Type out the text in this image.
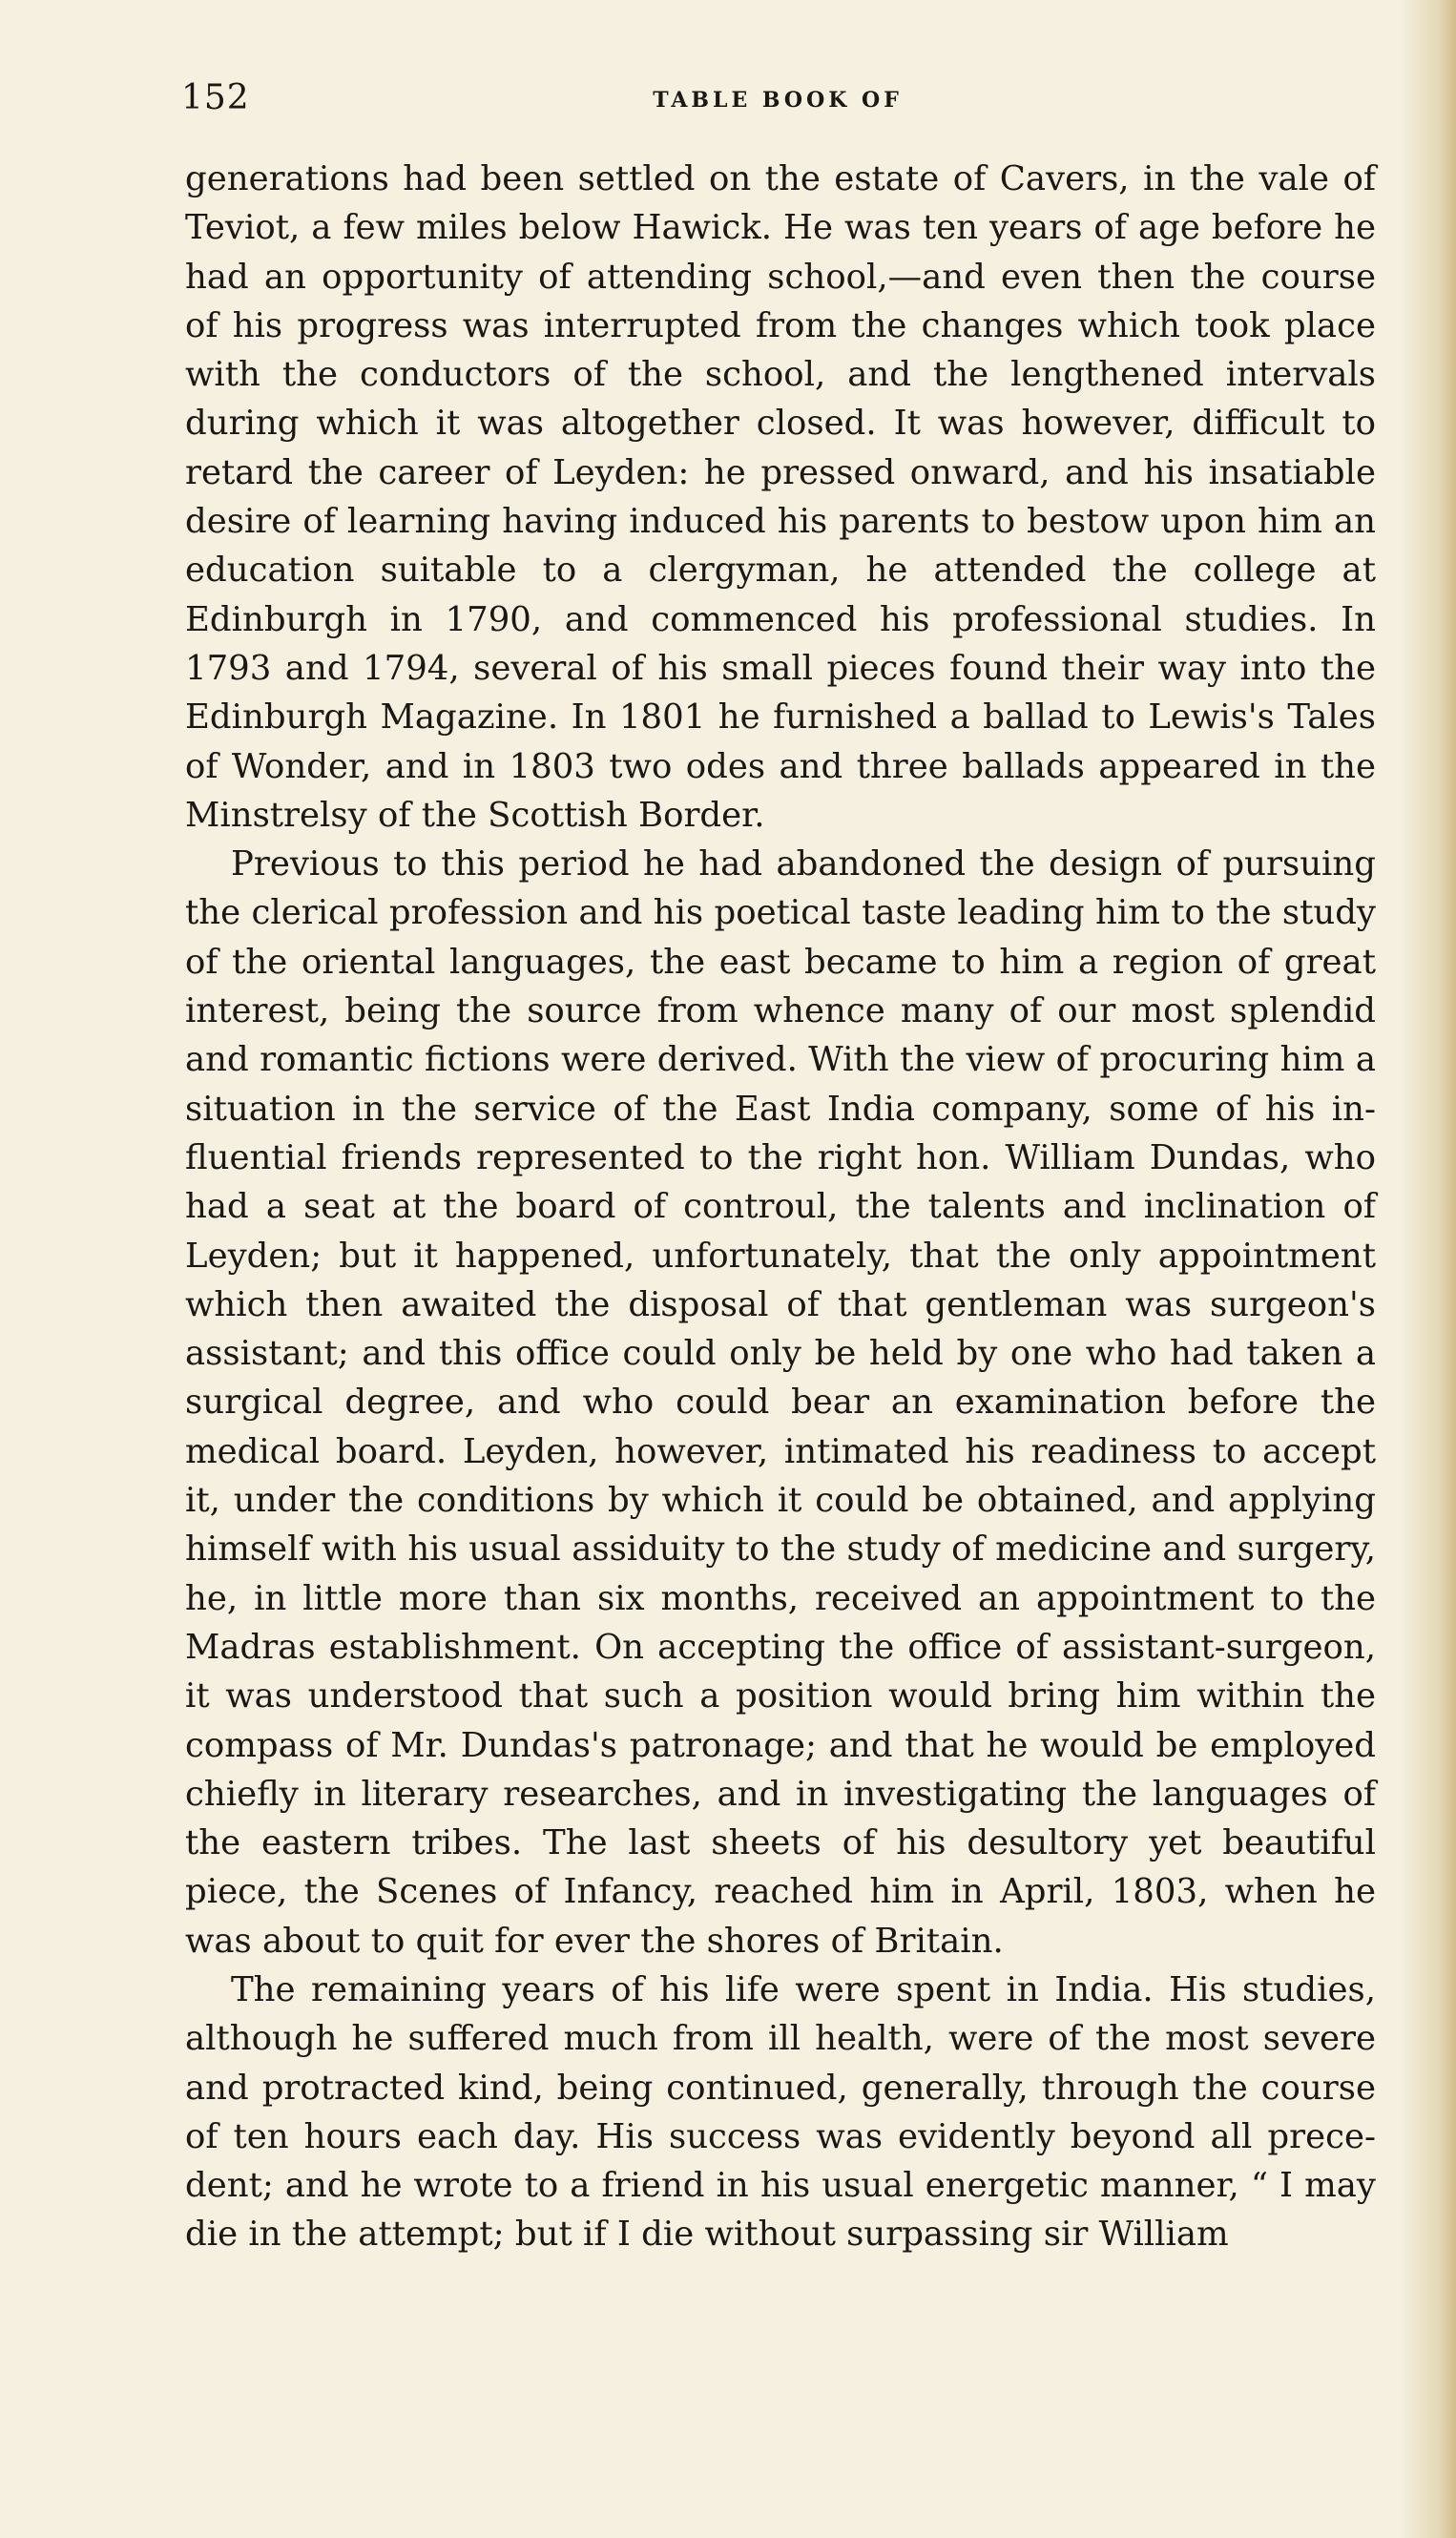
152	TABLE BOOK OF

generations had been settled on the estate of Cavers, in the vale of Teviot, a few miles below Hawick. He was ten years of age before he had an opportunity of attending school,—and even then the course of his progress was interrupted from the changes which took place with the conductors of the school, and the lengthened intervals during which it was altogether closed. It was however, difficult to retard the career of Leyden: he pressed onward, and his insatiable desire of learning having induced his parents to bestow upon him an education suitable to a clergyman, he attended the college at Edinburgh in 1790, and commenced his professional studies. In 1793 and 1794, several of his small pieces found their way into the Edinburgh Magazine. In 1801 he furnished a ballad to Lewis's Tales of Wonder, and in 1803 two odes and three ballads appeared in the Minstrelsy of the Scottish Border.

Previous to this period he had abandoned the design of pursuing the clerical profession and his poetical taste leading him to the study of the oriental languages, the east became to him a region of great interest, being the source from whence many of our most splendid and romantic fictions were derived. With the view of procuring him a situation in the service of the East India company, some of his influential friends represented to the right hon. William Dundas, who had a seat at the board of controul, the talents and inclination of Leyden; but it happened, unfortunately, that the only appointment which then awaited the disposal of that gentleman was surgeon's assistant; and this office could only be held by one who had taken a surgical degree, and who could bear an examination before the medical board. Leyden, however, intimated his readiness to accept it, under the conditions by which it could be obtained, and applying himself with his usual assiduity to the study of medicine and surgery, he, in little more than six months, received an appointment to the Madras establishment. On accepting the office of assistant-surgeon, it was understood that such a position would bring him within the compass of Mr. Dundas's patronage; and that he would be employed chiefly in literary researches, and in investigating the languages of the eastern tribes. The last sheets of his desultory yet beautiful piece, the Scenes of Infancy, reached him in April, 1803, when he was about to quit for ever the shores of Britain.

The remaining years of his life were spent in India. His studies, although he suffered much from ill health, were of the most severe and protracted kind, being continued, generally, through the course of ten hours each day. His success was evidently beyond all precedent; and he wrote to a friend in his usual energetic manner, “ I may die in the attempt; but if I die without surpassing sir William
